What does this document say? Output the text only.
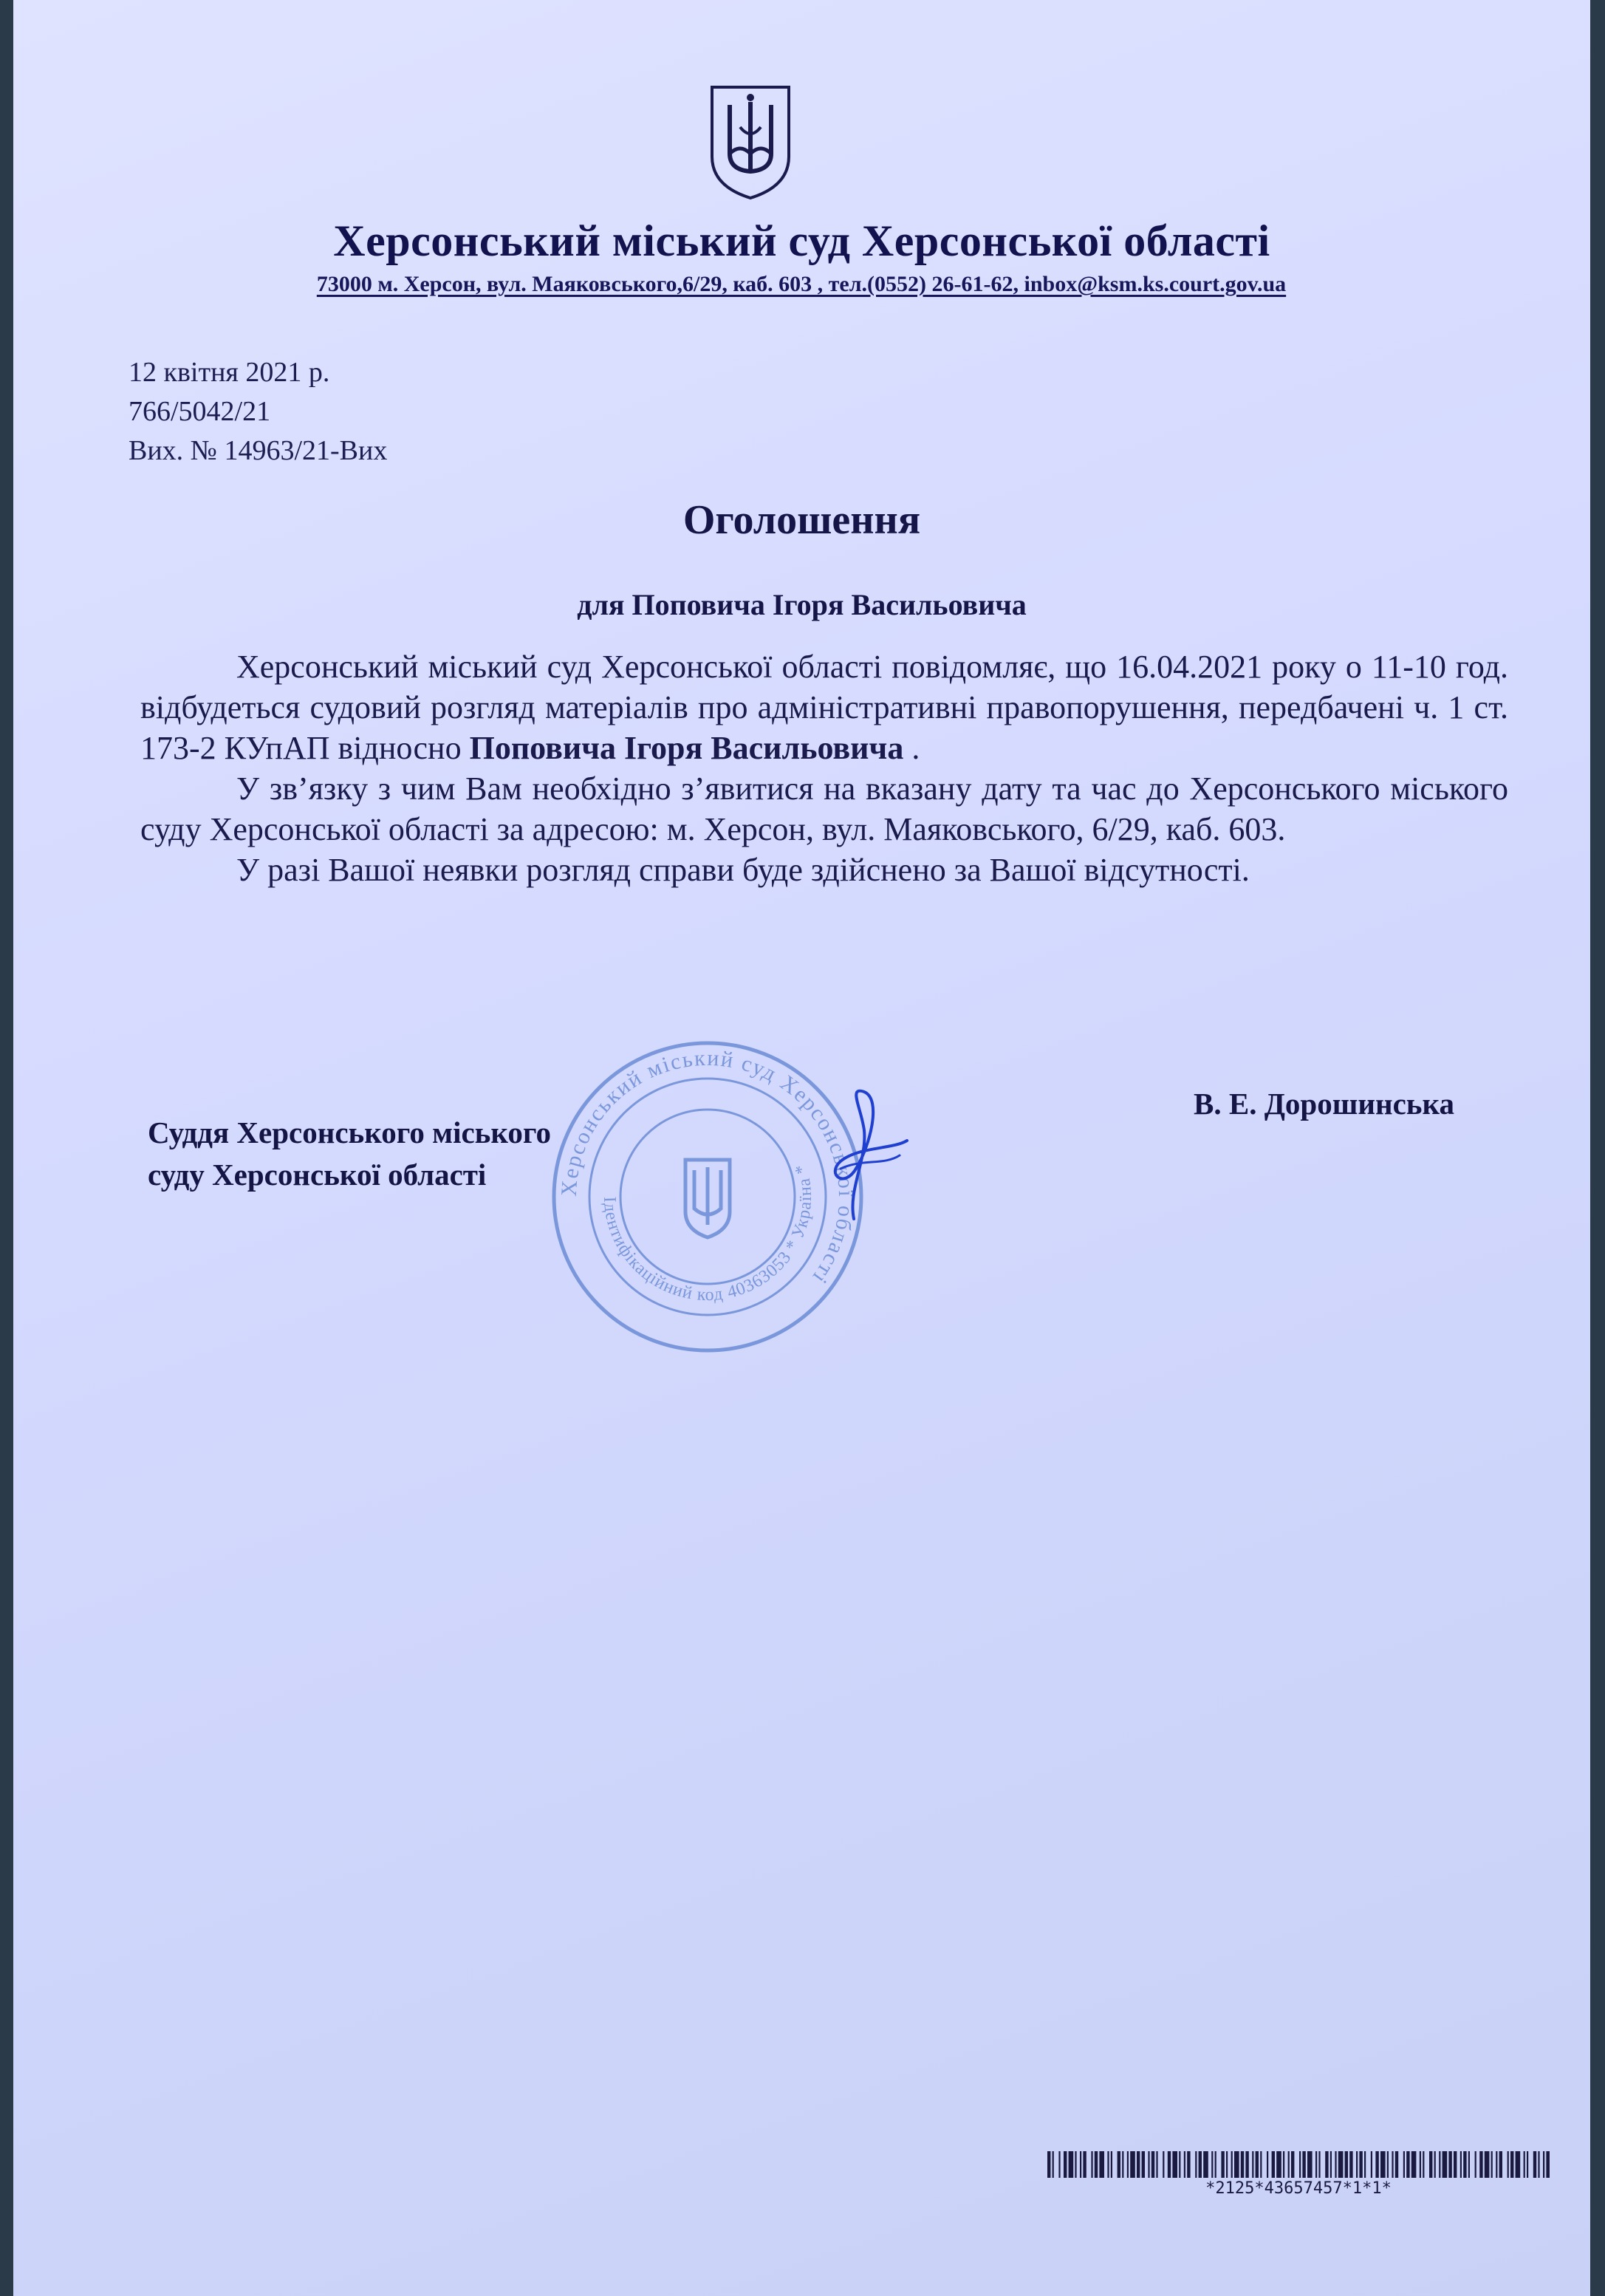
Херсонський міський суд Херсонської області
73000 м. Херсон, вул. Маяковського,6/29, каб. 603 , тел.(0552) 26-61-62, inbox@ksm.ks.court.gov.ua
12 квітня 2021 р.
766/5042/21
Вих. № 14963/21-Вих
Оголошення
для Поповича Ігоря Васильовича

Херсонський міський суд Херсонської області повідомляє, що 16.04.2021 року о 11-10 год. відбудеться судовий розгляд матеріалів про адміністративні правопорушення, передбачені ч. 1 ст. 173-2 КУпАП відносно Поповича Ігоря Васильовича .

У зв’язку з чим Вам необхідно з’явитися на вказану дату та час до Херсонського міського суду Херсонської області за адресою: м. Херсон, вул. Маяковського, 6/29, каб. 603.

У разі Вашої неявки розгляд справи буде здійснено за Вашої відсутності.

Херсонський міський суд Херсонської області
Ідентифікаційний код 40363053 * Україна *
Суддя Херсонського міського
суду Херсонської області
В. Е. Дорошинська
*2125*43657457*1*1*
